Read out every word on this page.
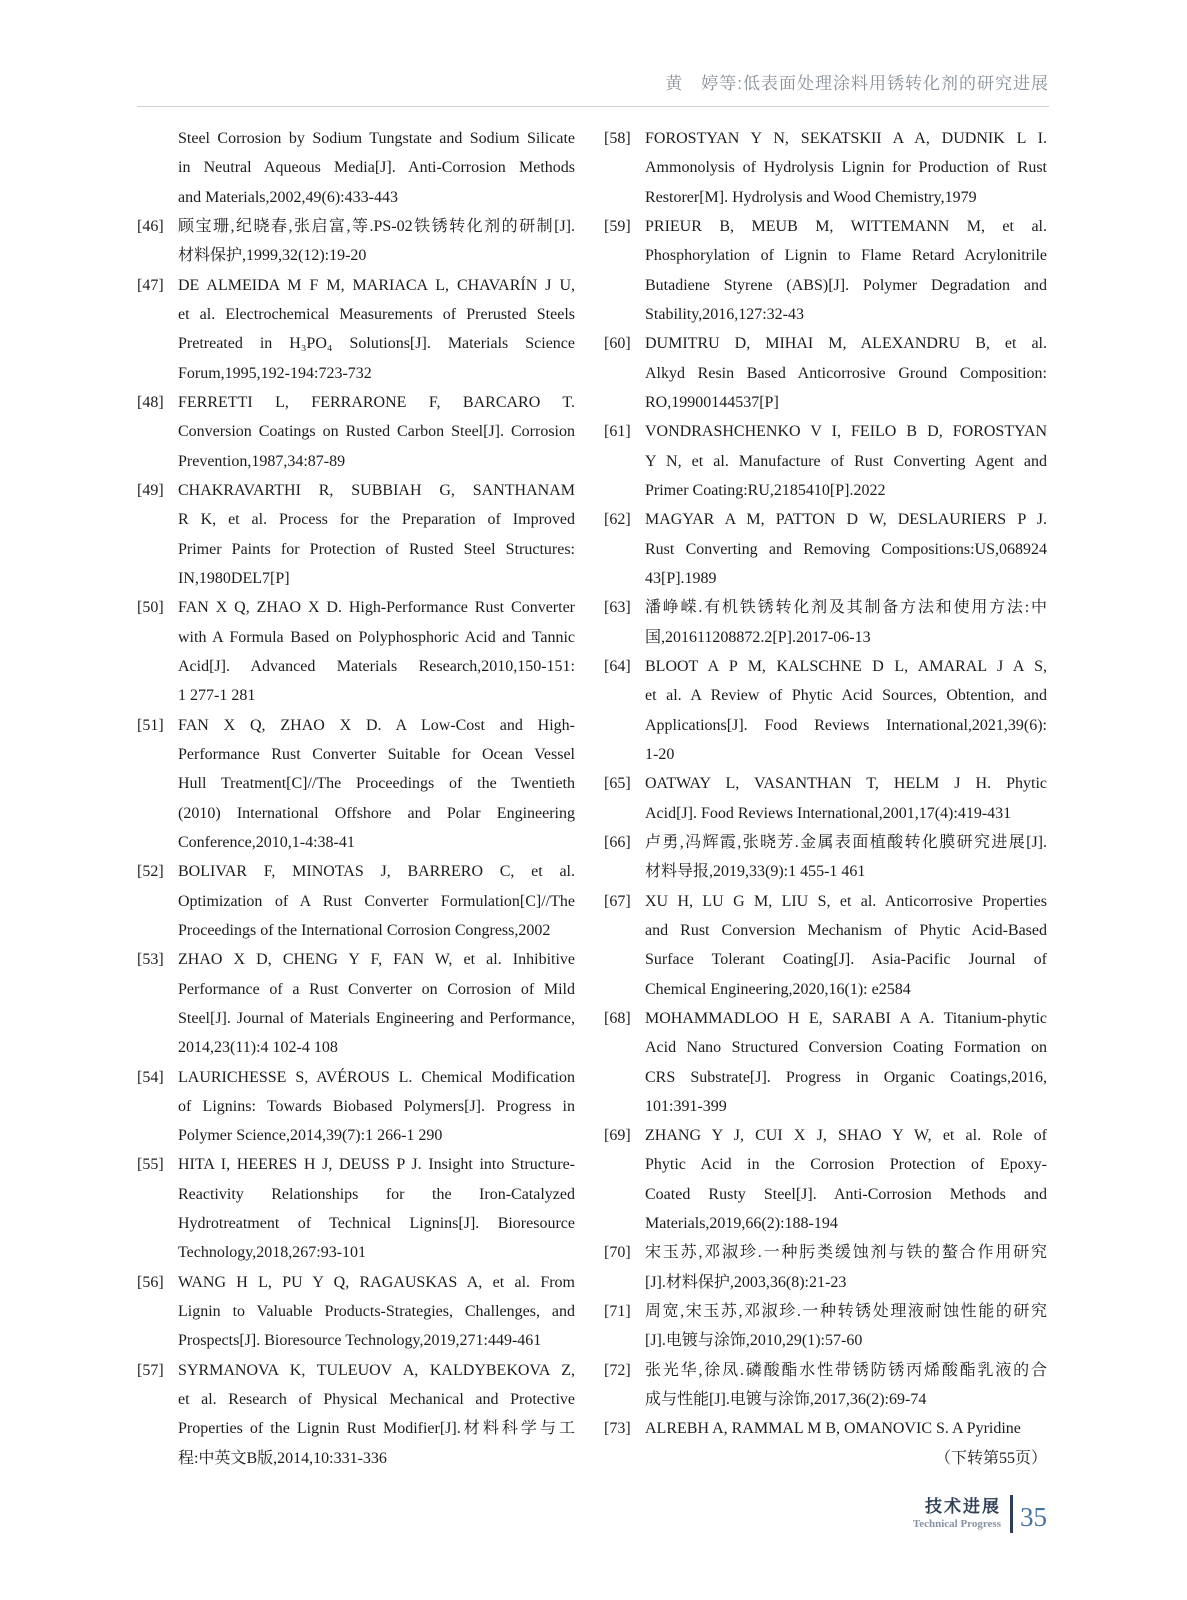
黄　婷等:低表面处理涂料用锈转化剂的研究进展
Steel Corrosion by Sodium Tungstate and Sodium Silicate
in Neutral Aqueous Media[J]. Anti-Corrosion Methods
and Materials,2002,49(6):433-443
[46] 顾宝珊,纪晓春,张启富,等.PS-02铁锈转化剂的研制[J].
材料保护,1999,32(12):19-20
[47] DE ALMEIDA M F M, MARIACA L, CHAVARÍN J U,
et al. Electrochemical Measurements of Prerusted Steels
Pretreated in H₃PO₄ Solutions[J]. Materials Science
Forum,1995,192-194:723-732
[48] FERRETTI L, FERRARONE F, BARCARO T.
Conversion Coatings on Rusted Carbon Steel[J]. Corrosion
Prevention,1987,34:87-89
[49] CHAKRAVARTHI R, SUBBIAH G, SANTHANAM
R K, et al. Process for the Preparation of Improved
Primer Paints for Protection of Rusted Steel Structures:
IN,1980DEL7[P]
[50] FAN X Q, ZHAO X D. High-Performance Rust Converter
with A Formula Based on Polyphosphoric Acid and Tannic
Acid[J]. Advanced Materials Research,2010,150-151:
1 277-1 281
[51] FAN X Q, ZHAO X D. A Low-Cost and High-
Performance Rust Converter Suitable for Ocean Vessel
Hull Treatment[C]//The Proceedings of the Twentieth
(2010) International Offshore and Polar Engineering
Conference,2010,1-4:38-41
[52] BOLIVAR F, MINOTAS J, BARRERO C, et al.
Optimization of A Rust Converter Formulation[C]//The
Proceedings of the International Corrosion Congress,2002
[53] ZHAO X D, CHENG Y F, FAN W, et al. Inhibitive
Performance of a Rust Converter on Corrosion of Mild
Steel[J]. Journal of Materials Engineering and Performance,
2014,23(11):4 102-4 108
[54] LAURICHESSE S, AVÉROUS L. Chemical Modification
of Lignins: Towards Biobased Polymers[J]. Progress in
Polymer Science,2014,39(7):1 266-1 290
[55] HITA I, HEERES H J, DEUSS P J. Insight into Structure-
Reactivity Relationships for the Iron-Catalyzed
Hydrotreatment of Technical Lignins[J]. Bioresource
Technology,2018,267:93-101
[56] WANG H L, PU Y Q, RAGAUSKAS A, et al. From
Lignin to Valuable Products-Strategies, Challenges, and
Prospects[J]. Bioresource Technology,2019,271:449-461
[57] SYRMANOVA K, TULEUOV A, KALDYBEKOVA Z,
et al. Research of Physical Mechanical and Protective
Properties of the Lignin Rust Modifier[J].材料科学与工
程:中英文B版,2014,10:331-336
[58] FOROSTYAN Y N, SEKATSKII A A, DUDNIK L I.
Ammonolysis of Hydrolysis Lignin for Production of Rust
Restorer[M]. Hydrolysis and Wood Chemistry,1979
[59] PRIEUR B, MEUB M, WITTEMANN M, et al.
Phosphorylation of Lignin to Flame Retard Acrylonitrile
Butadiene Styrene (ABS)[J]. Polymer Degradation and
Stability,2016,127:32-43
[60] DUMITRU D, MIHAI M, ALEXANDRU B, et al.
Alkyd Resin Based Anticorrosive Ground Composition:
RO,19900144537[P]
[61] VONDRASHCHENKO V I, FEILO B D, FOROSTYAN
Y N, et al. Manufacture of Rust Converting Agent and
Primer Coating:RU,2185410[P].2022
[62] MAGYAR A M, PATTON D W, DESLAURIERS P J.
Rust Converting and Removing Compositions:US,068924
43[P].1989
[63] 潘峥嵘.有机铁锈转化剂及其制备方法和使用方法:中
国,201611208872.2[P].2017-06-13
[64] BLOOT A P M, KALSCHNE D L, AMARAL J A S,
et al. A Review of Phytic Acid Sources, Obtention, and
Applications[J]. Food Reviews International,2021,39(6):
1-20
[65] OATWAY L, VASANTHAN T, HELM J H. Phytic
Acid[J]. Food Reviews International,2001,17(4):419-431
[66] 卢勇,冯辉霞,张晓芳.金属表面植酸转化膜研究进展[J].
材料导报,2019,33(9):1 455-1 461
[67] XU H, LU G M, LIU S, et al. Anticorrosive Properties
and Rust Conversion Mechanism of Phytic Acid-Based
Surface Tolerant Coating[J]. Asia-Pacific Journal of
Chemical Engineering,2020,16(1): e2584
[68] MOHAMMADLOO H E, SARABI A A. Titanium-phytic
Acid Nano Structured Conversion Coating Formation on
CRS Substrate[J]. Progress in Organic Coatings,2016,
101:391-399
[69] ZHANG Y J, CUI X J, SHAO Y W, et al. Role of
Phytic Acid in the Corrosion Protection of Epoxy-
Coated Rusty Steel[J]. Anti-Corrosion Methods and
Materials,2019,66(2):188-194
[70] 宋玉苏,邓淑珍.一种肟类缓蚀剂与铁的螯合作用研究
[J].材料保护,2003,36(8):21-23
[71] 周宽,宋玉苏,邓淑珍.一种转锈处理液耐蚀性能的研究
[J].电镀与涂饰,2010,29(1):57-60
[72] 张光华,徐凤.磷酸酯水性带锈防锈丙烯酸酯乳液的合
成与性能[J].电镀与涂饰,2017,36(2):69-74
[73] ALREBH A, RAMMAL M B, OMANOVIC S. A Pyridine
（下转第55页）
技术进展
Technical Progress 35
